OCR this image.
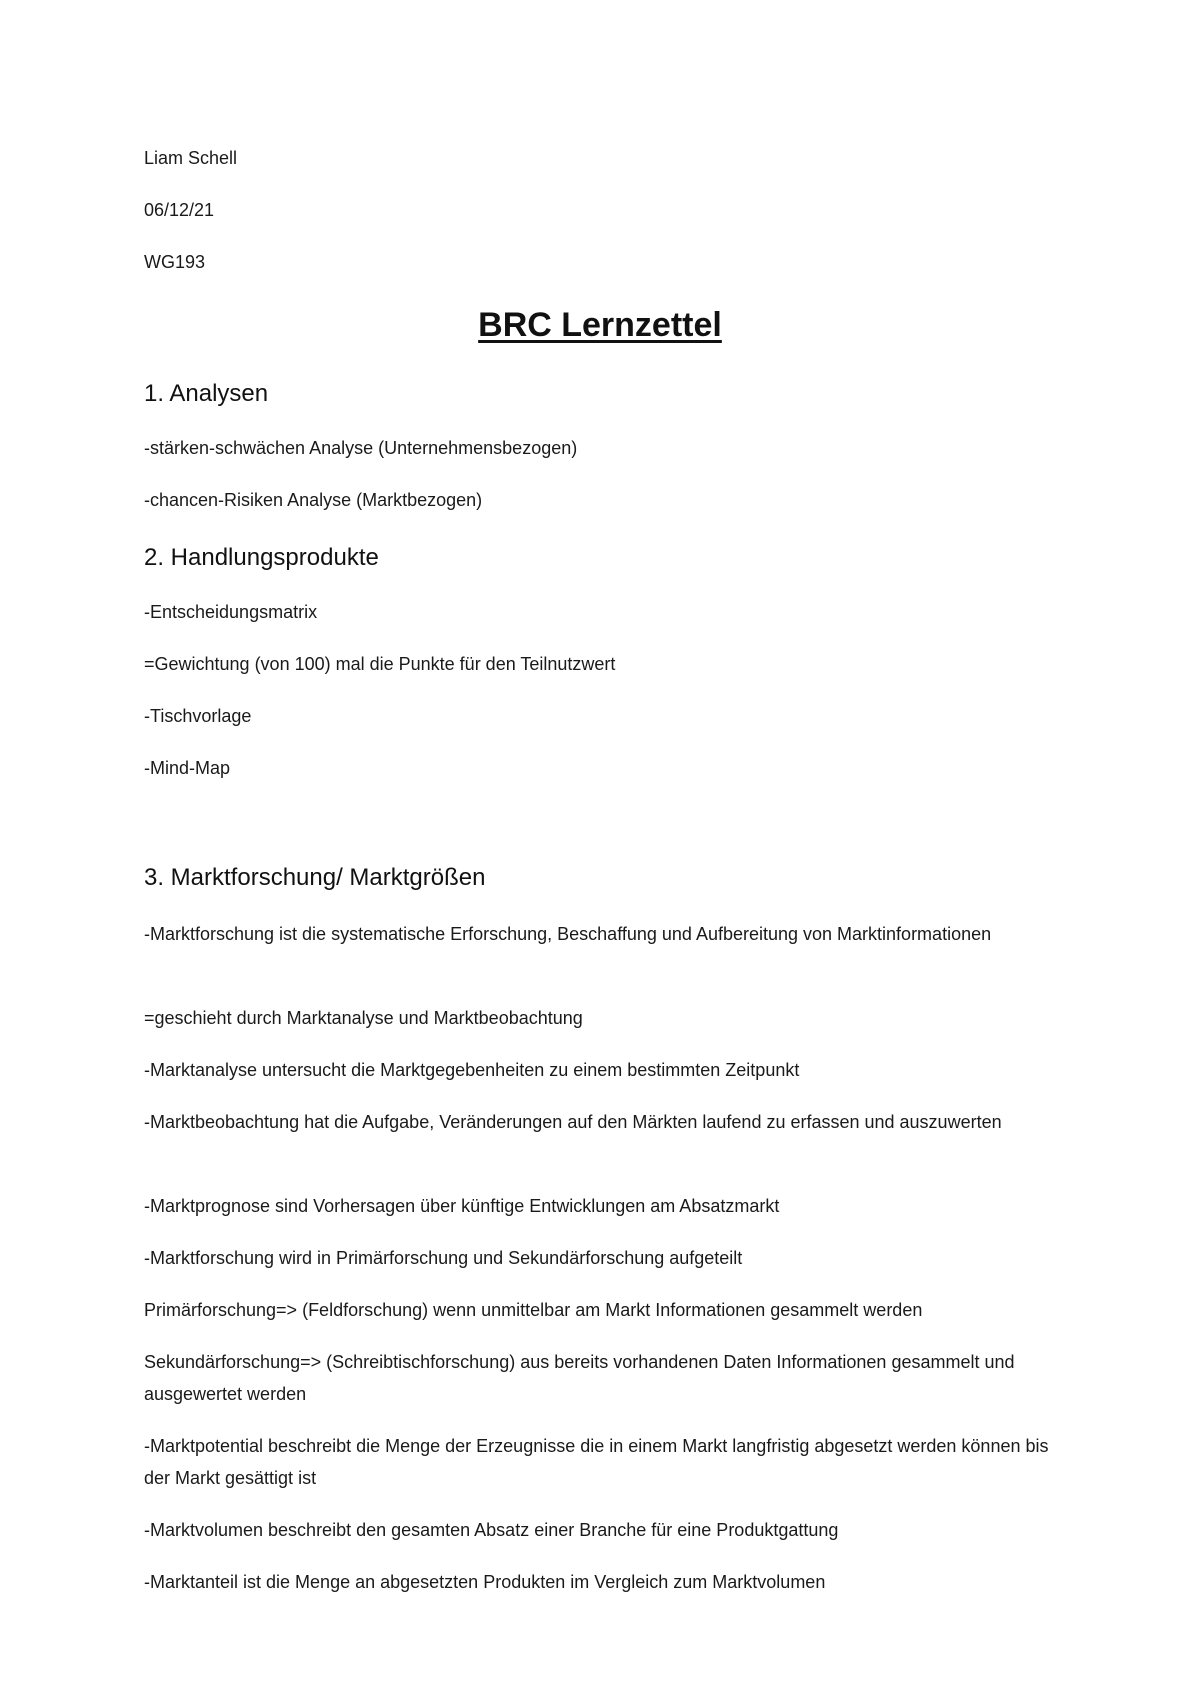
Liam Schell
06/12/21
WG193
BRC Lernzettel
1. Analysen
-stärken-schwächen Analyse (Unternehmensbezogen)
-chancen-Risiken Analyse (Marktbezogen)
2. Handlungsprodukte
-Entscheidungsmatrix
=Gewichtung (von 100) mal die Punkte für den Teilnutzwert
-Tischvorlage
-Mind-Map
3. Marktforschung/ Marktgrößen
-Marktforschung ist die systematische Erforschung, Beschaffung und Aufbereitung von Marktinformationen
=geschieht durch Marktanalyse und Marktbeobachtung
-Marktanalyse untersucht die Marktgegebenheiten zu einem bestimmten Zeitpunkt
-Marktbeobachtung hat die Aufgabe, Veränderungen auf den Märkten laufend zu erfassen und auszuwerten
-Marktprognose sind Vorhersagen über künftige Entwicklungen am Absatzmarkt
-Marktforschung wird in Primärforschung und Sekundärforschung aufgeteilt
Primärforschung=> (Feldforschung) wenn unmittelbar am Markt Informationen gesammelt werden
Sekundärforschung=> (Schreibtischforschung) aus bereits vorhandenen Daten Informationen gesammelt und ausgewertet werden
-Marktpotential beschreibt die Menge der Erzeugnisse die in einem Markt langfristig abgesetzt werden können bis der Markt gesättigt ist
-Marktvolumen beschreibt den gesamten Absatz einer Branche für eine Produktgattung
-Marktanteil ist die Menge an abgesetzten Produkten im Vergleich zum Marktvolumen
